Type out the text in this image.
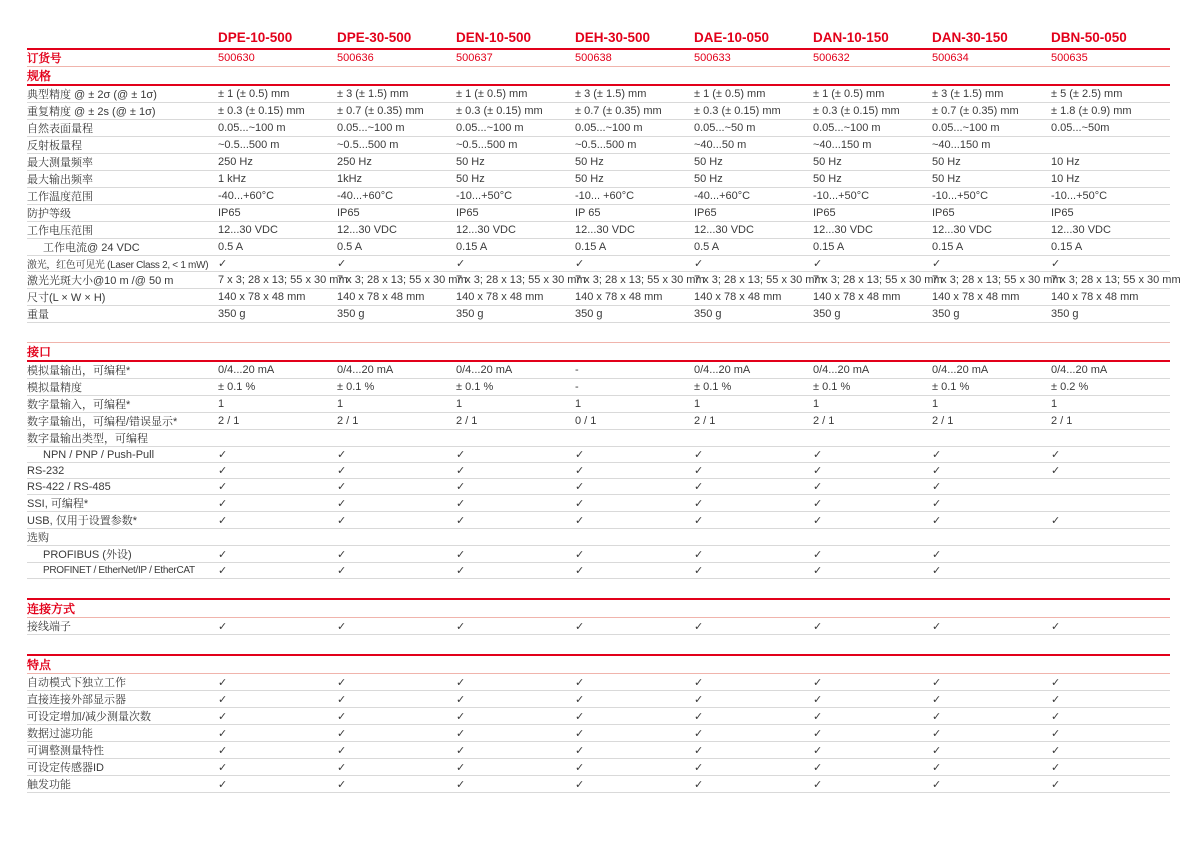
	DPE-10-500	DPE-30-500	DEN-10-500	DEH-30-500	DAE-10-050	DAN-10-150	DAN-30-150	DBN-50-050
订货号	500630	500636	500637	500638	500633	500632	500634	500635
规格								
典型精度 @ ± 2σ (@ ± 1σ)	± 1 (± 0.5) mm	± 3 (± 1.5) mm	± 1 (± 0.5) mm	± 3 (± 1.5) mm	± 1 (± 0.5) mm	± 1 (± 0.5) mm	± 3 (± 1.5) mm	± 5 (± 2.5) mm
重复精度 @ ± 2s (@ ± 1σ)	± 0.3 (± 0.15) mm	± 0.7 (± 0.35) mm	± 0.3 (± 0.15) mm	± 0.7 (± 0.35) mm	± 0.3 (± 0.15) mm	± 0.3 (± 0.15) mm	± 0.7 (± 0.35) mm	± 1.8 (± 0.9) mm
自然表面量程	0.05...~100 m	0.05...~100 m	0.05...~100 m	0.05...~100 m	0.05...~50 m	0.05...~100 m	0.05...~100 m	0.05...~50m
反射板量程	~0.5...500 m	~0.5...500 m	~0.5...500 m	~0.5...500 m	~40...50 m	~40...150 m	~40...150 m	
最大测量频率	250 Hz	250 Hz	50 Hz	50 Hz	50 Hz	50 Hz	50 Hz	10 Hz
最大输出频率	1 kHz	1kHz	50 Hz	50 Hz	50 Hz	50 Hz	50 Hz	10 Hz
工作温度范围	-40...+60°C	-40...+60°C	-10...+50°C	-10... +60°C	-40...+60°C	-10...+50°C	-10...+50°C	-10...+50°C
防护等级	IP65	IP65	IP65	IP 65	IP65	IP65	IP65	IP65
工作电压范围	12...30 VDC	12...30 VDC	12...30 VDC	12...30 VDC	12...30 VDC	12...30 VDC	12...30 VDC	12...30 VDC
工作电流@ 24 VDC	0.5 A	0.5 A	0.15 A	0.15 A	0.5 A	0.15 A	0.15 A	0.15 A
激光，红色可见光 (Laser Class 2, < 1 mW)	✓	✓	✓	✓	✓	✓	✓	✓
激光光斑大小@10 m /@ 50 m	7 x 3; 28 x 13; 55 x 30 mm	7 x 3; 28 x 13; 55 x 30 mm	7 x 3; 28 x 13; 55 x 30 mm	7 x 3; 28 x 13; 55 x 30 mm	7 x 3; 28 x 13; 55 x 30 mm	7 x 3; 28 x 13; 55 x 30 mm	7 x 3; 28 x 13; 55 x 30 mm	7 x 3; 28 x 13; 55 x 30 mm
尺寸(L × W × H)	140 x 78 x 48 mm	140 x 78 x 48 mm	140 x 78 x 48 mm	140 x 78 x 48 mm	140 x 78 x 48 mm	140 x 78 x 48 mm	140 x 78 x 48 mm	140 x 78 x 48 mm
重量	350 g	350 g	350 g	350 g	350 g	350 g	350 g	350 g

接口								
模拟量输出，可编程*	0/4...20 mA	0/4...20 mA	0/4...20 mA	-	0/4...20 mA	0/4...20 mA	0/4...20 mA	0/4...20 mA
模拟量精度	± 0.1 %	± 0.1 %	± 0.1 %	-	± 0.1 %	± 0.1 %	± 0.1 %	± 0.2 %
数字量输入，可编程*	1	1	1	1	1	1	1	1
数字量输出，可编程/错误显示*	2 / 1	2 / 1	2 / 1	0 / 1	2 / 1	2 / 1	2 / 1	2 / 1
数字量输出类型，可编程								
NPN / PNP / Push-Pull	✓	✓	✓	✓	✓	✓	✓	✓
RS-232	✓	✓	✓	✓	✓	✓	✓	✓
RS-422 / RS-485	✓	✓	✓	✓	✓	✓	✓	
SSI, 可编程*	✓	✓	✓	✓	✓	✓	✓	
USB, 仅用于设置参数*	✓	✓	✓	✓	✓	✓	✓	✓
选购								
PROFIBUS (外设)	✓	✓	✓	✓	✓	✓	✓	
PROFINET / EtherNet/IP / EtherCAT	✓	✓	✓	✓	✓	✓	✓	

连接方式								
接线端子	✓	✓	✓	✓	✓	✓	✓	✓

特点								
自动模式下独立工作	✓	✓	✓	✓	✓	✓	✓	✓
直接连接外部显示器	✓	✓	✓	✓	✓	✓	✓	✓
可设定增加/减少测量次数	✓	✓	✓	✓	✓	✓	✓	✓
数据过滤功能	✓	✓	✓	✓	✓	✓	✓	✓
可调整测量特性	✓	✓	✓	✓	✓	✓	✓	✓
可设定传感器ID	✓	✓	✓	✓	✓	✓	✓	✓
触发功能	✓	✓	✓	✓	✓	✓	✓	✓
